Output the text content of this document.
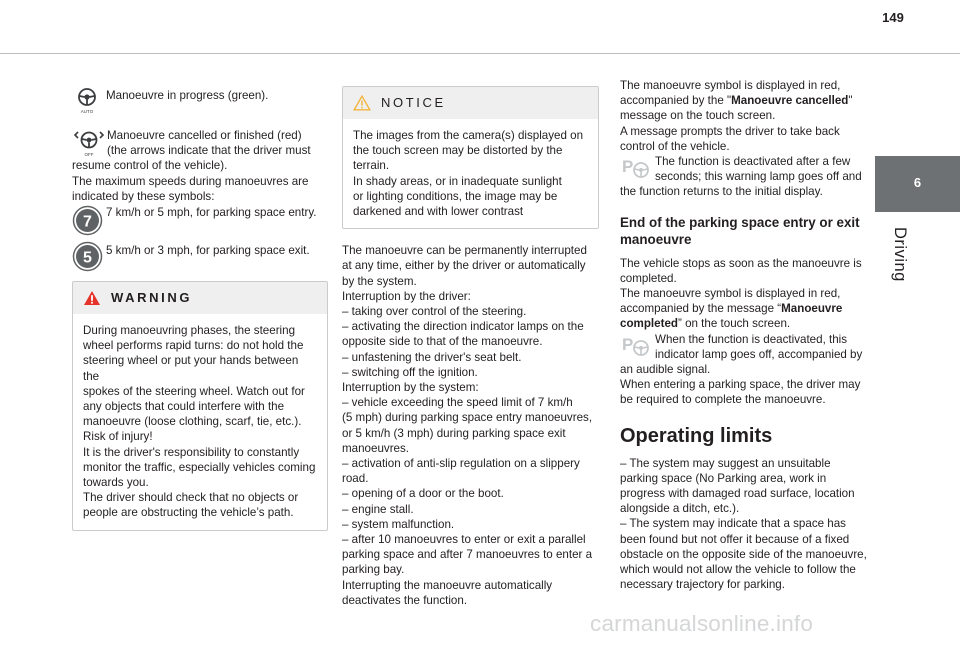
149
6
Driving
AUTO

Manoeuvre in progress (green).

OFF

Manoeuvre cancelled or finished (red)

(the arrows indicate that the driver must

resume control of the vehicle).

The maximum speeds during manoeuvres are

indicated by these symbols:

7

7 km/h or 5 mph, for parking space entry.

5 5 km/h or 3 mph, for parking space exit.

WARNING

During manoeuvring phases, the steering

wheel performs rapid turns: do not hold the

steering wheel or put your hands between the

spokes of the steering wheel. Watch out for

any objects that could interfere with the

manoeuvre (loose clothing, scarf, tie, etc.).

Risk of injury!

It is the driver's responsibility to constantly

monitor the traffic, especially vehicles coming

towards you.

The driver should check that no objects or

people are obstructing the vehicle’s path.

NOTICE

The images from the camera(s) displayed on

the touch screen may be distorted by the

terrain.

In shady areas, or in inadequate sunlight

or lighting conditions, the image may be

darkened and with lower contrast

The manoeuvre can be permanently interrupted

at any time, either by the driver or automatically

by the system.

Interruption by the driver:

– taking over control of the steering.

– activating the direction indicator lamps on the

opposite side to that of the manoeuvre.

– unfastening the driver's seat belt.

– switching off the ignition.

Interruption by the system:

– vehicle exceeding the speed limit of 7 km/h

(5 mph) during parking space entry manoeuvres,

or 5 km/h (3 mph) during parking space exit

manoeuvres.

– activation of anti-slip regulation on a slippery

road.

– opening of a door or the boot.

– engine stall.

– system malfunction.

– after 10 manoeuvres to enter or exit a parallel

parking space and after 7 manoeuvres to enter a

parking bay.

Interrupting the manoeuvre automatically

deactivates the function.

The manoeuvre symbol is displayed in red,

accompanied by the "Manoeuvre cancelled"

message on the touch screen.

A message prompts the driver to take back

control of the vehicle.

P The function is deactivated after a few

seconds; this warning lamp goes off and

the function returns to the initial display.

End of the parking space entry or exit manoeuvre

The vehicle stops as soon as the manoeuvre is

completed.

The manoeuvre symbol is displayed in red,

accompanied by the message “Manoeuvre

completed” on the touch screen.

P When the function is deactivated, this

indicator lamp goes off, accompanied by

an audible signal.

When entering a parking space, the driver may

be required to complete the manoeuvre.

Operating limits

– The system may suggest an unsuitable

parking space (No Parking area, work in

progress with damaged road surface, location

alongside a ditch, etc.).

– The system may indicate that a space has

been found but not offer it because of a fixed

obstacle on the opposite side of the manoeuvre,

which would not allow the vehicle to follow the

necessary trajectory for parking.

carmanualsonline.info
